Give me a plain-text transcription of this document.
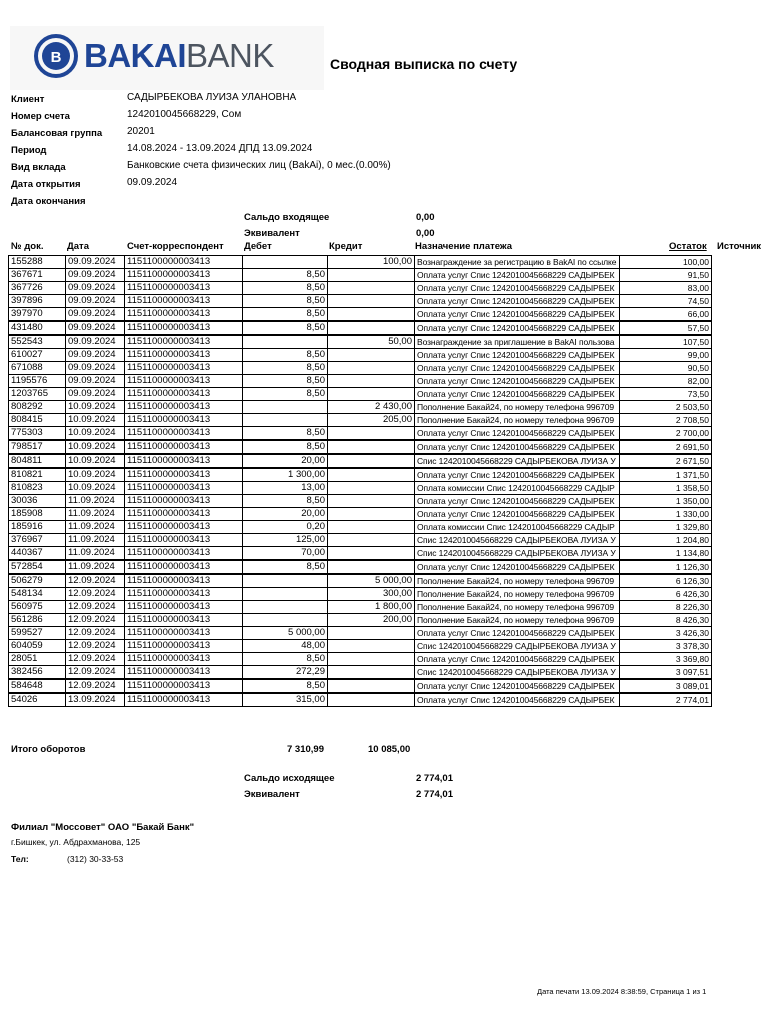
B BAKAIBANK	Сводная выписка по счету
Клиент	САДЫРБЕКОВА ЛУИЗА УЛАНОВНА
Номер счета	1242010045668229, Сом
Балансовая группа 20201
Период	14.08.2024 - 13.09.2024 ДПД 13.09.2024
Вид вклада	Банковские счета физических лиц (BakAi), 0 мес.(0.00%)
Дата открытия	09.09.2024
Дата окончания
Сальдо входящее	0,00
Эквивалент	0,00
№ док. Дата	Счет-корреспондент Дебет	Кредит	Назначение платежа	Остаток Источник
155288	09.09.2024	1151100000003413		100,00	Вознаграждение за регистрацию в BakAI по ссылке	100,00
367671	09.09.2024	1151100000003413	8,50		Оплата услуг Спис 1242010045668229 САДЫРБЕК	91,50
367726	09.09.2024	1151100000003413	8,50		Оплата услуг Спис 1242010045668229 САДЫРБЕК	83,00
397896	09.09.2024	1151100000003413	8,50		Оплата услуг Спис 1242010045668229 САДЫРБЕК	74,50
397970	09.09.2024	1151100000003413	8,50		Оплата услуг Спис 1242010045668229 САДЫРБЕК	66,00
431480	09.09.2024	1151100000003413	8,50		Оплата услуг Спис 1242010045668229 САДЫРБЕК	57,50
552543	09.09.2024	1151100000003413		50,00	Вознаграждение за приглашение в BakAI пользова	107,50
610027	09.09.2024	1151100000003413	8,50		Оплата услуг Спис 1242010045668229 САДЫРБЕК	99,00
671088	09.09.2024	1151100000003413	8,50		Оплата услуг Спис 1242010045668229 САДЫРБЕК	90,50
1195576	09.09.2024	1151100000003413	8,50		Оплата услуг Спис 1242010045668229 САДЫРБЕК	82,00
1203765	09.09.2024	1151100000003413	8,50		Оплата услуг Спис 1242010045668229 САДЫРБЕК	73,50
808292	10.09.2024	1151100000003413		2 430,00	Пополнение Бакай24, по номеру телефона 996709	2 503,50
808415	10.09.2024	1151100000003413		205,00	Пополнение Бакай24, по номеру телефона 996709	2 708,50
775303	10.09.2024	1151100000003413	8,50		Оплата услуг Спис 1242010045668229 САДЫРБЕК	2 700,00
798517	10.09.2024	1151100000003413	8,50		Оплата услуг Спис 1242010045668229 САДЫРБЕК	2 691,50
804811	10.09.2024	1151100000003413	20,00		Спис 1242010045668229 САДЫРБЕКОВА ЛУИЗА У	2 671,50
810821	10.09.2024	1151100000003413	1 300,00		Оплата услуг Спис 1242010045668229 САДЫРБЕК	1 371,50
810823	10.09.2024	1151100000003413	13,00		Оплата комиссии Спис 1242010045668229 САДЫР	1 358,50
30036	11.09.2024	1151100000003413	8,50		Оплата услуг Спис 1242010045668229 САДЫРБЕК	1 350,00
185908	11.09.2024	1151100000003413	20,00		Оплата услуг Спис 1242010045668229 САДЫРБЕК	1 330,00
185916	11.09.2024	1151100000003413	0,20		Оплата комиссии Спис 1242010045668229 САДЫР	1 329,80
376967	11.09.2024	1151100000003413	125,00		Спис 1242010045668229 САДЫРБЕКОВА ЛУИЗА У	1 204,80
440367	11.09.2024	1151100000003413	70,00		Спис 1242010045668229 САДЫРБЕКОВА ЛУИЗА У	1 134,80
572854	11.09.2024	1151100000003413	8,50		Оплата услуг Спис 1242010045668229 САДЫРБЕК	1 126,30
506279	12.09.2024	1151100000003413		5 000,00	Пополнение Бакай24, по номеру телефона 996709	6 126,30
548134	12.09.2024	1151100000003413		300,00	Пополнение Бакай24, по номеру телефона 996709	6 426,30
560975	12.09.2024	1151100000003413		1 800,00	Пополнение Бакай24, по номеру телефона 996709	8 226,30
561286	12.09.2024	1151100000003413		200,00	Пополнение Бакай24, по номеру телефона 996709	8 426,30
599527	12.09.2024	1151100000003413	5 000,00		Оплата услуг Спис 1242010045668229 САДЫРБЕК	3 426,30
604059	12.09.2024	1151100000003413	48,00		Спис 1242010045668229 САДЫРБЕКОВА ЛУИЗА У	3 378,30
28051	12.09.2024	1151100000003413	8,50		Оплата услуг Спис 1242010045668229 САДЫРБЕК	3 369,80
382456	12.09.2024	1151100000003413	272,29		Спис 1242010045668229 САДЫРБЕКОВА ЛУИЗА У	3 097,51
584648	12.09.2024	1151100000003413	8,50		Оплата услуг Спис 1242010045668229 САДЫРБЕК	3 089,01
54026	13.09.2024	1151100000003413	315,00		Оплата услуг Спис 1242010045668229 САДЫРБЕК	2 774,01
Итого оборотов	7 310,99	10 085,00
Сальдо исходящее	2 774,01
Эквивалент	2 774,01
Филиал "Моссовет" ОАО "Бакай Банк"
г.Бишкек, ул. Абдрахманова, 125
Тел:	(312) 30-33-53
Дата печати 13.09.2024 8:38:59, Страница 1 из 1
